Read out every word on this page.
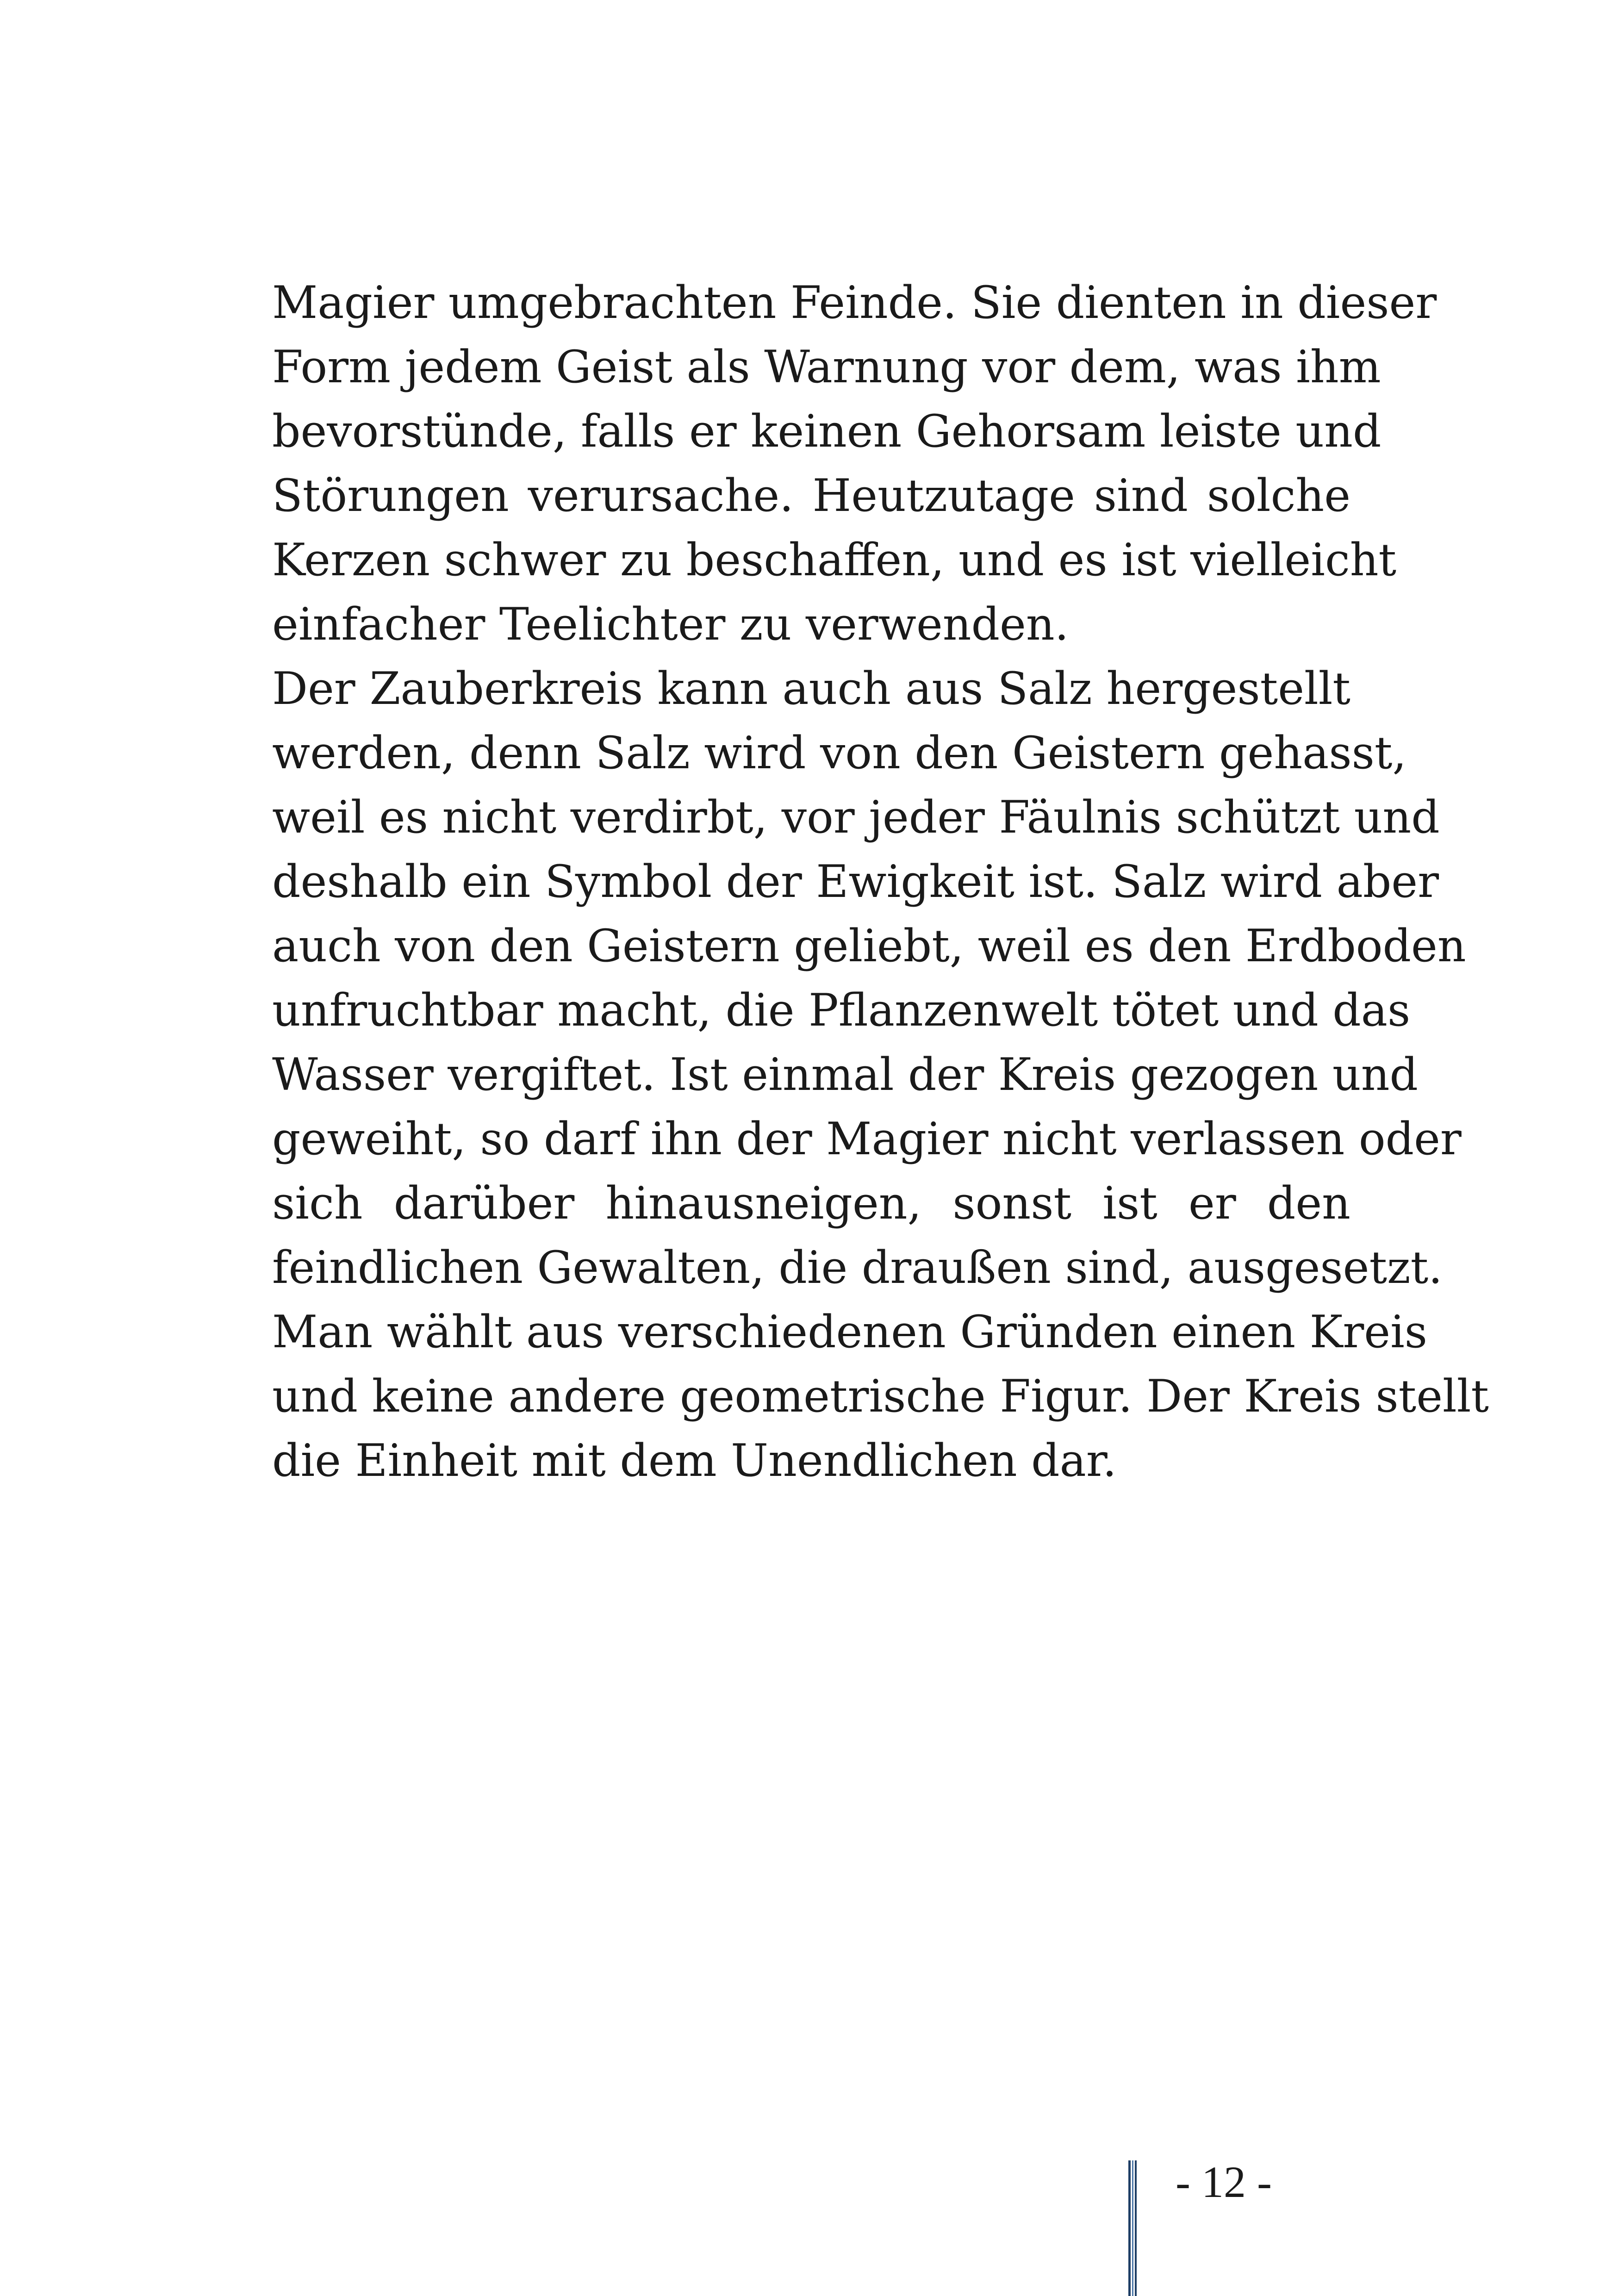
Magier umgebrachten Feinde. Sie dienten in dieser
Form jedem Geist als Warnung vor dem, was ihm
bevorstünde, falls er keinen Gehorsam leiste und
Störungen verursache. Heutzutage sind solche
Kerzen schwer zu beschaffen, und es ist vielleicht
einfacher Teelichter zu verwenden.
Der Zauberkreis kann auch aus Salz hergestellt
werden, denn Salz wird von den Geistern gehasst,
weil es nicht verdirbt, vor jeder Fäulnis schützt und
deshalb ein Symbol der Ewigkeit ist. Salz wird aber
auch von den Geistern geliebt, weil es den Erdboden
unfruchtbar macht, die Pflanzenwelt tötet und das
Wasser vergiftet. Ist einmal der Kreis gezogen und
geweiht, so darf ihn der Magier nicht verlassen oder
sich darüber hinausneigen, sonst ist er den
feindlichen Gewalten, die draußen sind, ausgesetzt.
Man wählt aus verschiedenen Gründen einen Kreis
und keine andere geometrische Figur. Der Kreis stellt
die Einheit mit dem Unendlichen dar.
- 12 -
